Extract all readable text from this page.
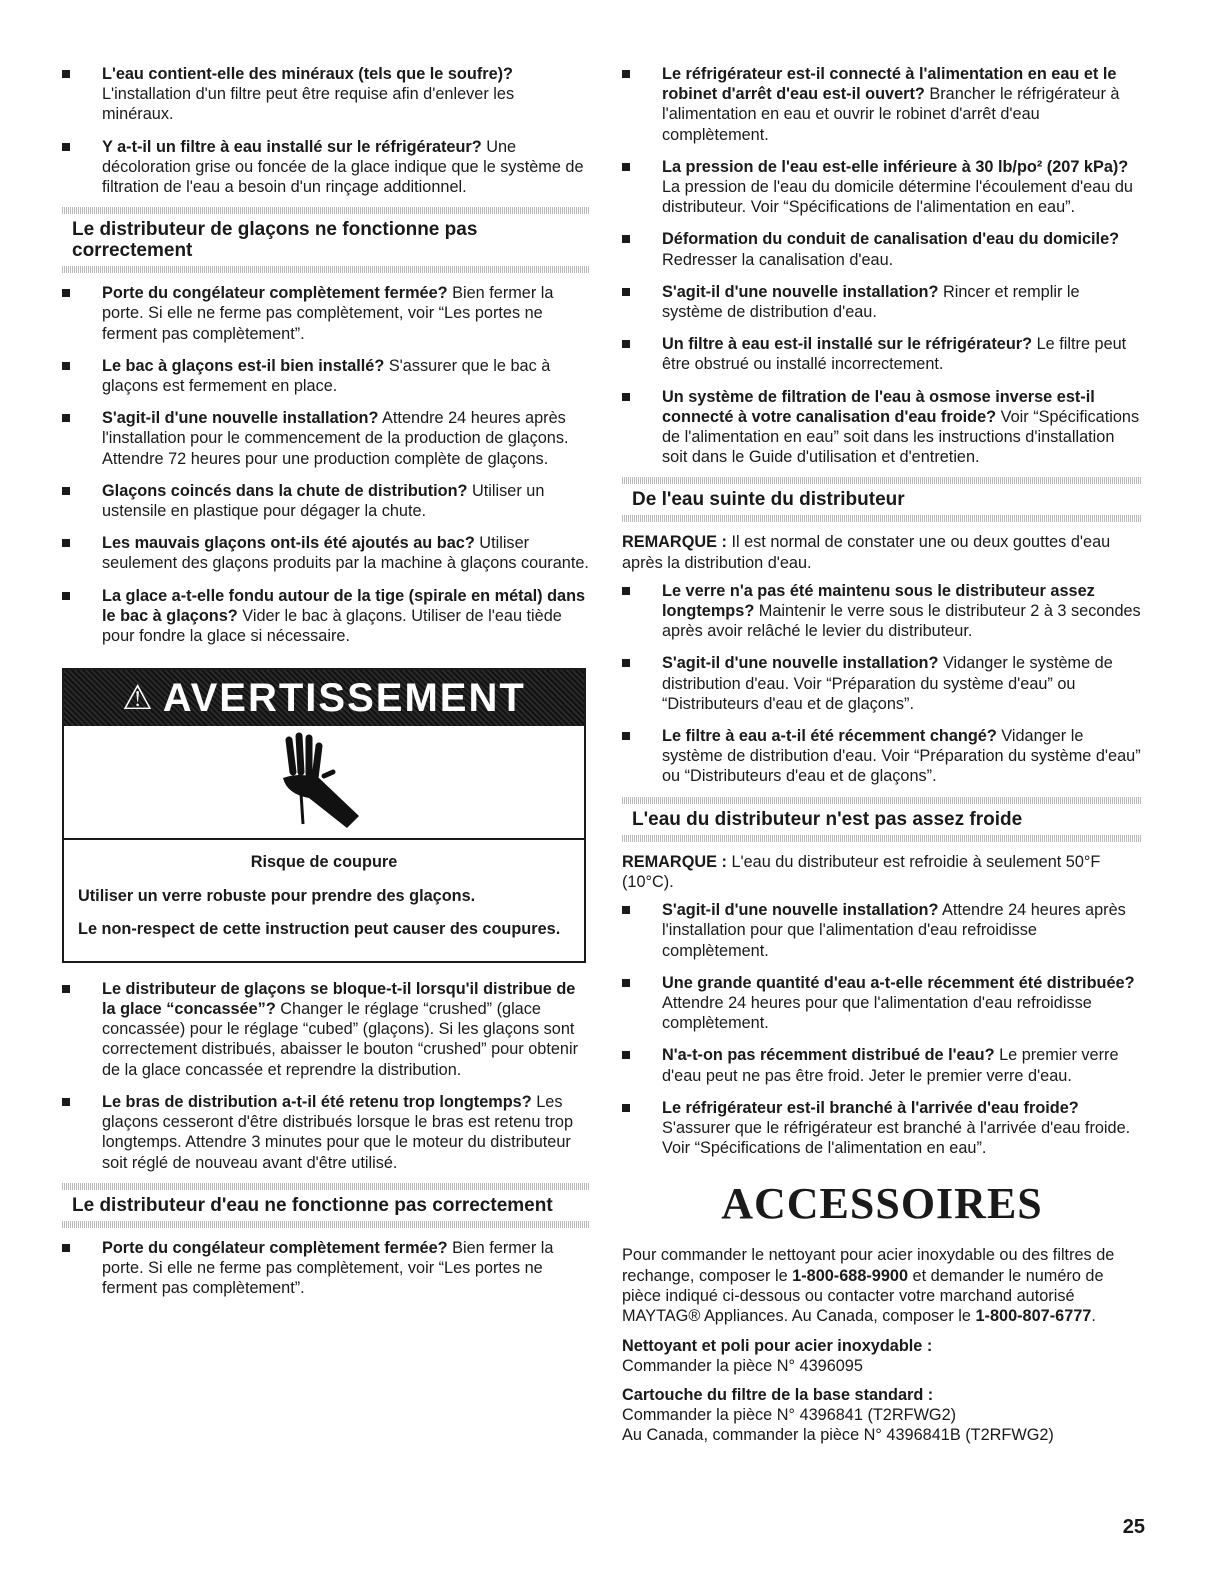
L'eau contient-elle des minéraux (tels que le soufre)? L'installation d'un filtre peut être requise afin d'enlever les minéraux.
Y a-t-il un filtre à eau installé sur le réfrigérateur? Une décoloration grise ou foncée de la glace indique que le système de filtration de l'eau a besoin d'un rinçage additionnel.
Le distributeur de glaçons ne fonctionne pas correctement
Porte du congélateur complètement fermée? Bien fermer la porte. Si elle ne ferme pas complètement, voir “Les portes ne ferment pas complètement”.
Le bac à glaçons est-il bien installé? S'assurer que le bac à glaçons est fermement en place.
S'agit-il d'une nouvelle installation? Attendre 24 heures après l'installation pour le commencement de la production de glaçons. Attendre 72 heures pour une production complète de glaçons.
Glaçons coincés dans la chute de distribution? Utiliser un ustensile en plastique pour dégager la chute.
Les mauvais glaçons ont-ils été ajoutés au bac? Utiliser seulement des glaçons produits par la machine à glaçons courante.
La glace a-t-elle fondu autour de la tige (spirale en métal) dans le bac à glaçons? Vider le bac à glaçons. Utiliser de l'eau tiède pour fondre la glace si nécessaire.
⚠ AVERTISSEMENT
Risque de coupure
Utiliser un verre robuste pour prendre des glaçons.
Le non-respect de cette instruction peut causer des coupures.
Le distributeur de glaçons se bloque-t-il lorsqu'il distribue de la glace “concassée”? Changer le réglage “crushed” (glace concassée) pour le réglage “cubed” (glaçons). Si les glaçons sont correctement distribués, abaisser le bouton “crushed” pour obtenir de la glace concassée et reprendre la distribution.
Le bras de distribution a-t-il été retenu trop longtemps? Les glaçons cesseront d'être distribués lorsque le bras est retenu trop longtemps. Attendre 3 minutes pour que le moteur du distributeur soit réglé de nouveau avant d'être utilisé.
Le distributeur d'eau ne fonctionne pas correctement
Porte du congélateur complètement fermée? Bien fermer la porte. Si elle ne ferme pas complètement, voir “Les portes ne ferment pas complètement”.
Le réfrigérateur est-il connecté à l'alimentation en eau et le robinet d'arrêt d'eau est-il ouvert? Brancher le réfrigérateur à l'alimentation en eau et ouvrir le robinet d'arrêt d'eau complètement.
La pression de l'eau est-elle inférieure à 30 lb/po² (207 kPa)? La pression de l'eau du domicile détermine l'écoulement d'eau du distributeur. Voir “Spécifications de l'alimentation en eau”.
Déformation du conduit de canalisation d'eau du domicile? Redresser la canalisation d'eau.
S'agit-il d'une nouvelle installation? Rincer et remplir le système de distribution d'eau.
Un filtre à eau est-il installé sur le réfrigérateur? Le filtre peut être obstrué ou installé incorrectement.
Un système de filtration de l'eau à osmose inverse est-il connecté à votre canalisation d'eau froide? Voir “Spécifications de l'alimentation en eau” soit dans les instructions d'installation soit dans le Guide d'utilisation et d'entretien.
De l'eau suinte du distributeur
REMARQUE : Il est normal de constater une ou deux gouttes d'eau après la distribution d'eau.
Le verre n'a pas été maintenu sous le distributeur assez longtemps? Maintenir le verre sous le distributeur 2 à 3 secondes après avoir relâché le levier du distributeur.
S'agit-il d'une nouvelle installation? Vidanger le système de distribution d'eau. Voir “Préparation du système d'eau” ou “Distributeurs d'eau et de glaçons”.
Le filtre à eau a-t-il été récemment changé? Vidanger le système de distribution d'eau. Voir “Préparation du système d'eau” ou “Distributeurs d'eau et de glaçons”.
L'eau du distributeur n'est pas assez froide
REMARQUE : L'eau du distributeur est refroidie à seulement 50°F (10°C).
S'agit-il d'une nouvelle installation? Attendre 24 heures après l'installation pour que l'alimentation d'eau refroidisse complètement.
Une grande quantité d'eau a-t-elle récemment été distribuée? Attendre 24 heures pour que l'alimentation d'eau refroidisse complètement.
N'a-t-on pas récemment distribué de l'eau? Le premier verre d'eau peut ne pas être froid. Jeter le premier verre d'eau.
Le réfrigérateur est-il branché à l'arrivée d'eau froide? S'assurer que le réfrigérateur est branché à l'arrivée d'eau froide. Voir “Spécifications de l'alimentation en eau”.
ACCESSOIRES
Pour commander le nettoyant pour acier inoxydable ou des filtres de rechange, composer le 1-800-688-9900 et demander le numéro de pièce indiqué ci-dessous ou contacter votre marchand autorisé MAYTAG® Appliances. Au Canada, composer le 1-800-807-6777.
Nettoyant et poli pour acier inoxydable :
Commander la pièce N° 4396095
Cartouche du filtre de la base standard :
Commander la pièce N° 4396841 (T2RFWG2)
Au Canada, commander la pièce N° 4396841B (T2RFWG2)
25
